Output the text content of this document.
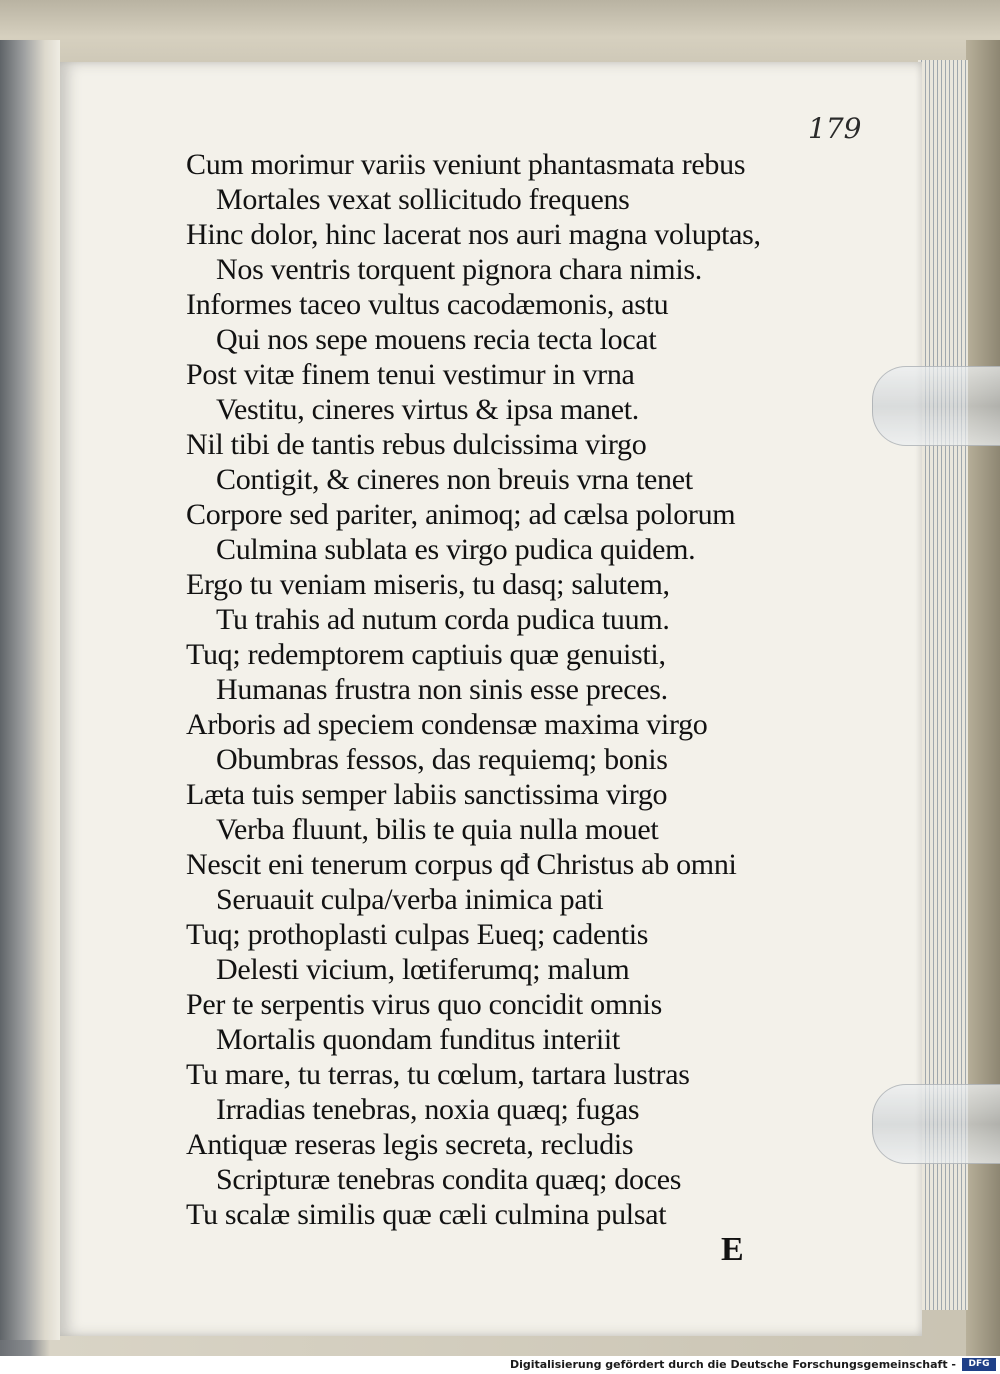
179
Cum morimur variis veniunt phantasmata rebus
Mortales vexat sollicitudo frequens
Hinc dolor, hinc lacerat nos auri magna voluptas,
Nos ventris torquent pignora chara nimis.
Informes taceo vultus cacodæmonis, astu
Qui nos sepe mouens recia tecta locat
Post vitæ finem tenui vestimur in vrna
Vestitu, cineres virtus & ipsa manet.
Nil tibi de tantis rebus dulcissima virgo
Contigit, & cineres non breuis vrna tenet
Corpore sed pariter, animoq; ad cælsa polorum
Culmina sublata es virgo pudica quidem.
Ergo tu veniam miseris, tu dasq; salutem,
Tu trahis ad nutum corda pudica tuum.
Tuq; redemptorem captiuis quæ genuisti,
Humanas frustra non sinis esse preces.
Arboris ad speciem condensæ maxima virgo
Obumbras fessos, das requiemq; bonis
Læta tuis semper labiis sanctissima virgo
Verba fluunt, bilis te quia nulla mouet
Nescit eni tenerum corpus qđ Christus ab omni
Seruauit culpa/verba inimica pati
Tuq; prothoplasti culpas Eueq; cadentis
Delesti vicium, lœtiferumq; malum
Per te serpentis virus quo concidit omnis
Mortalis quondam funditus interiit
Tu mare, tu terras, tu cœlum, tartara lustras
Irradias tenebras, noxia quæq; fugas
Antiquæ reseras legis secreta, recludis
Scripturæ tenebras condita quæq; doces
Tu scalæ similis quæ cæli culmina pulsat
E
Digitalisierung gefördert durch die Deutsche Forschungsgemeinschaft -	DFG
